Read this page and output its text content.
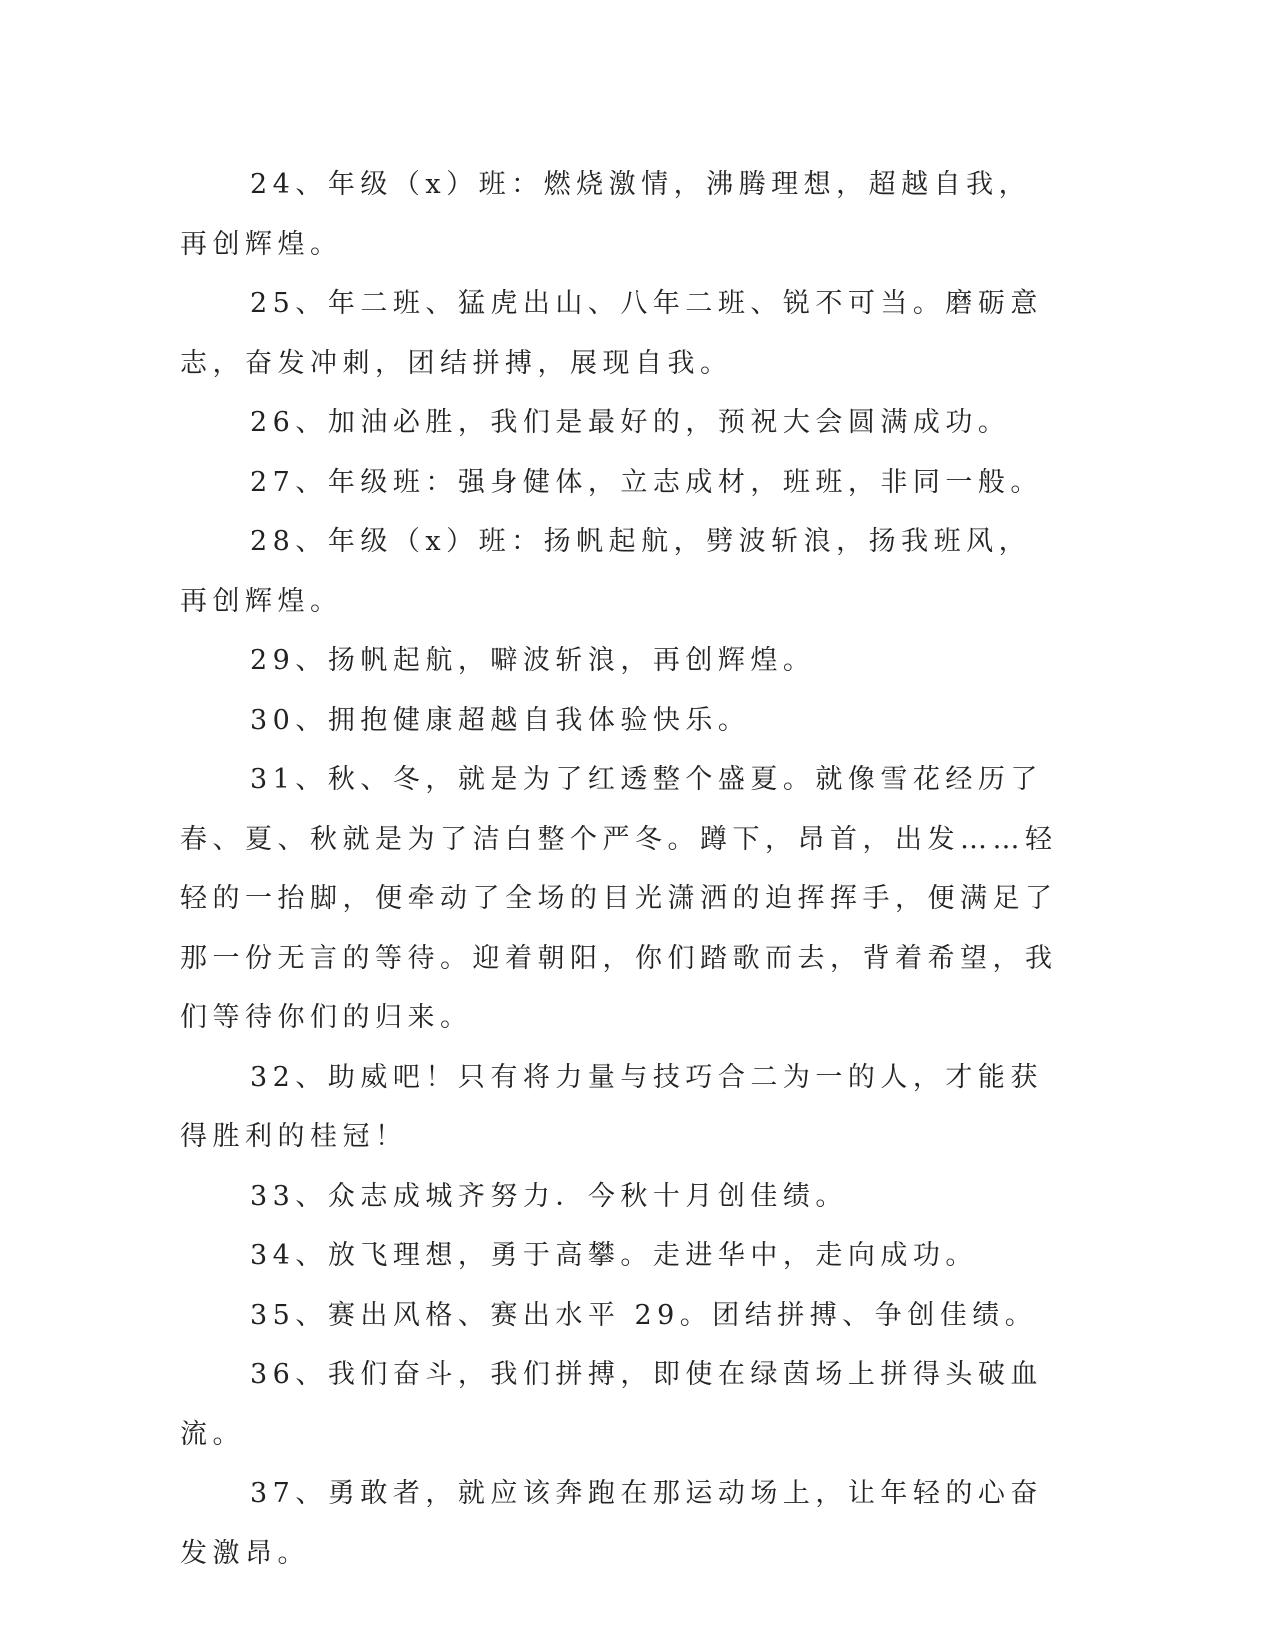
24、年级（x）班：燃烧激情，沸腾理想，超越自我，再创辉煌。

25、年二班、猛虎出山、八年二班、锐不可当。磨砺意志，奋发冲刺，团结拼搏，展现自我。

26、加油必胜，我们是最好的，预祝大会圆满成功。

27、年级班：强身健体，立志成材，班班，非同一般。

28、年级（x）班：扬帆起航，劈波斩浪，扬我班风，再创辉煌。

29、扬帆起航，噼波斩浪，再创辉煌。

30、拥抱健康超越自我体验快乐。

31、秋、冬，就是为了红透整个盛夏。就像雪花经历了春、夏、秋就是为了洁白整个严冬。蹲下，昂首，出发……轻轻的一抬脚，便牵动了全场的目光潇洒的迫挥挥手，便满足了那一份无言的等待。迎着朝阳，你们踏歌而去，背着希望，我们等待你们的归来。

32、助威吧！只有将力量与技巧合二为一的人，才能获得胜利的桂冠！

33、众志成城齐努力．今秋十月创佳绩。

34、放飞理想，勇于高攀。走进华中，走向成功。

35、赛出风格、赛出水平 29。团结拼搏、争创佳绩。

36、我们奋斗，我们拼搏，即使在绿茵场上拼得头破血流。

37、勇敢者，就应该奔跑在那运动场上，让年轻的心奋发激昂。
